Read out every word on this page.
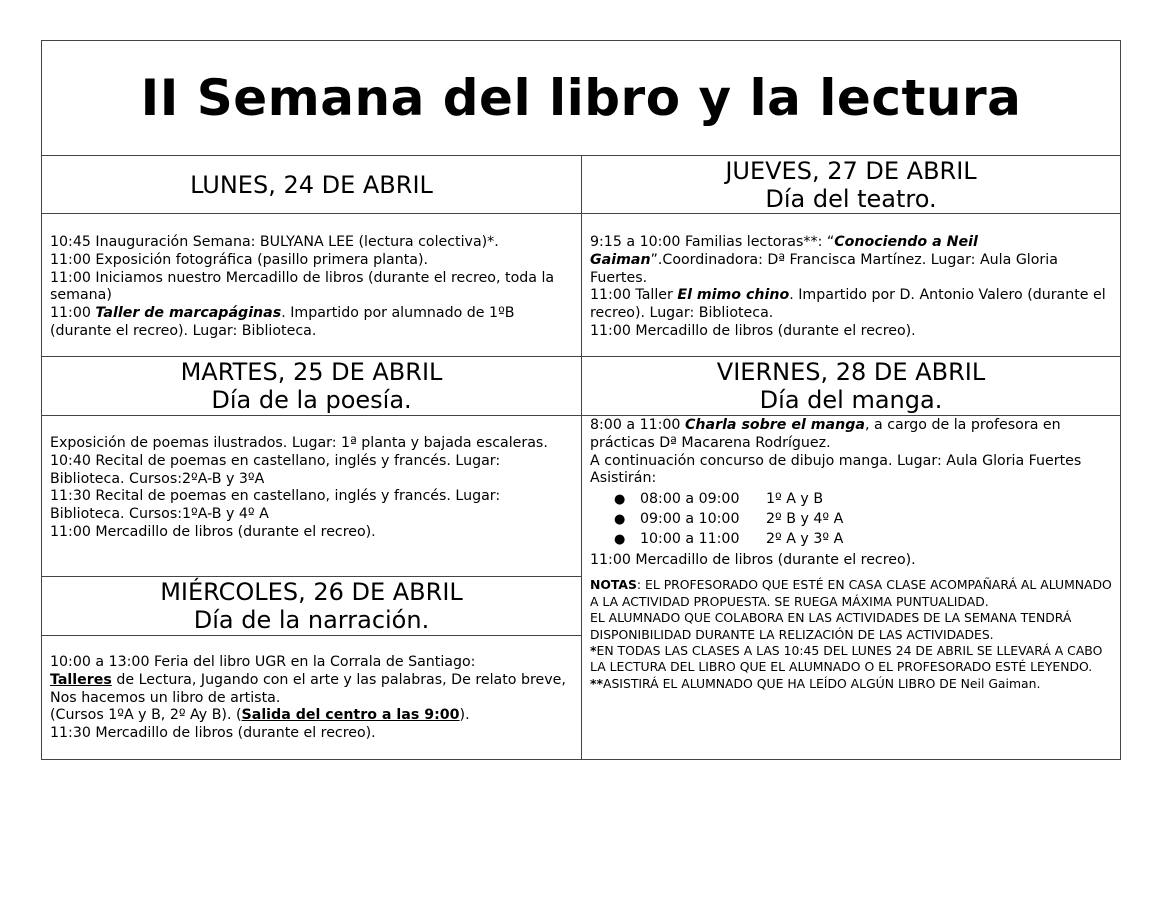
II Semana del libro y la lectura
LUNES, 24 DE ABRIL

10:45 Inauguración Semana: BULYANA LEE (lectura colectiva)*.

11:00 Exposición fotográfica (pasillo primera planta).

11:00 Iniciamos nuestro Mercadillo de libros (durante el recreo, toda la semana)

11:00 Taller de marcapáginas. Impartido por alumnado de 1ºB (durante el recreo). Lugar: Biblioteca.

JUEVES, 27 DE ABRIL
Día del teatro.

9:15 a 10:00 Familias lectoras**: “Conociendo a Neil Gaiman”.Coordinadora: Dª Francisca Martínez. Lugar: Aula Gloria Fuertes.

11:00 Taller El mimo chino. Impartido por D. Antonio Valero (durante el recreo). Lugar: Biblioteca.

11:00 Mercadillo de libros (durante el recreo).

MARTES, 25 DE ABRIL
Día de la poesía.

Exposición de poemas ilustrados. Lugar: 1ª planta y bajada escaleras.

10:40 Recital de poemas en castellano, inglés y francés. Lugar: Biblioteca. Cursos:2ºA-B y 3ºA

11:30 Recital de poemas en castellano, inglés y francés. Lugar: Biblioteca. Cursos:1ºA-B y 4º A

11:00 Mercadillo de libros (durante el recreo).

VIERNES, 28 DE ABRIL
Día del manga.

8:00 a 11:00 Charla sobre el manga, a cargo de la profesora en prácticas Dª Macarena Rodríguez.

A continuación concurso de dibujo manga. Lugar: Aula Gloria Fuertes

Asistirán:

●	08:00 a 09:00	1º A y B
●	09:00 a 10:00	2º B y 4º A
●	10:00 a 11:00	2º A y 3º A

11:00 Mercadillo de libros (durante el recreo).

NOTAS: EL PROFESORADO QUE ESTÉ EN CASA CLASE ACOMPAÑARÁ AL ALUMNADO A LA ACTIVIDAD PROPUESTA. SE RUEGA MÁXIMA PUNTUALIDAD.

EL ALUMNADO QUE COLABORA EN LAS ACTIVIDADES DE LA SEMANA TENDRÁ DISPONIBILIDAD DURANTE LA RELIZACIÓN DE LAS ACTIVIDADES.

*EN TODAS LAS CLASES A LAS 10:45 DEL LUNES 24 DE ABRIL SE LLEVARÁ A CABO LA LECTURA DEL LIBRO QUE EL ALUMNADO O EL PROFESORADO ESTÉ LEYENDO.

**ASISTIRÁ EL ALUMNADO QUE HA LEÍDO ALGÚN LIBRO DE Neil Gaiman.

MIÉRCOLES, 26 DE ABRIL
Día de la narración.

10:00 a 13:00 Feria del libro UGR en la Corrala de Santiago:

Talleres de Lectura, Jugando con el arte y las palabras, De relato breve, Nos hacemos un libro de artista.

(Cursos 1ºA y B, 2º Ay B). (Salida del centro a las 9:00).

11:30 Mercadillo de libros (durante el recreo).
